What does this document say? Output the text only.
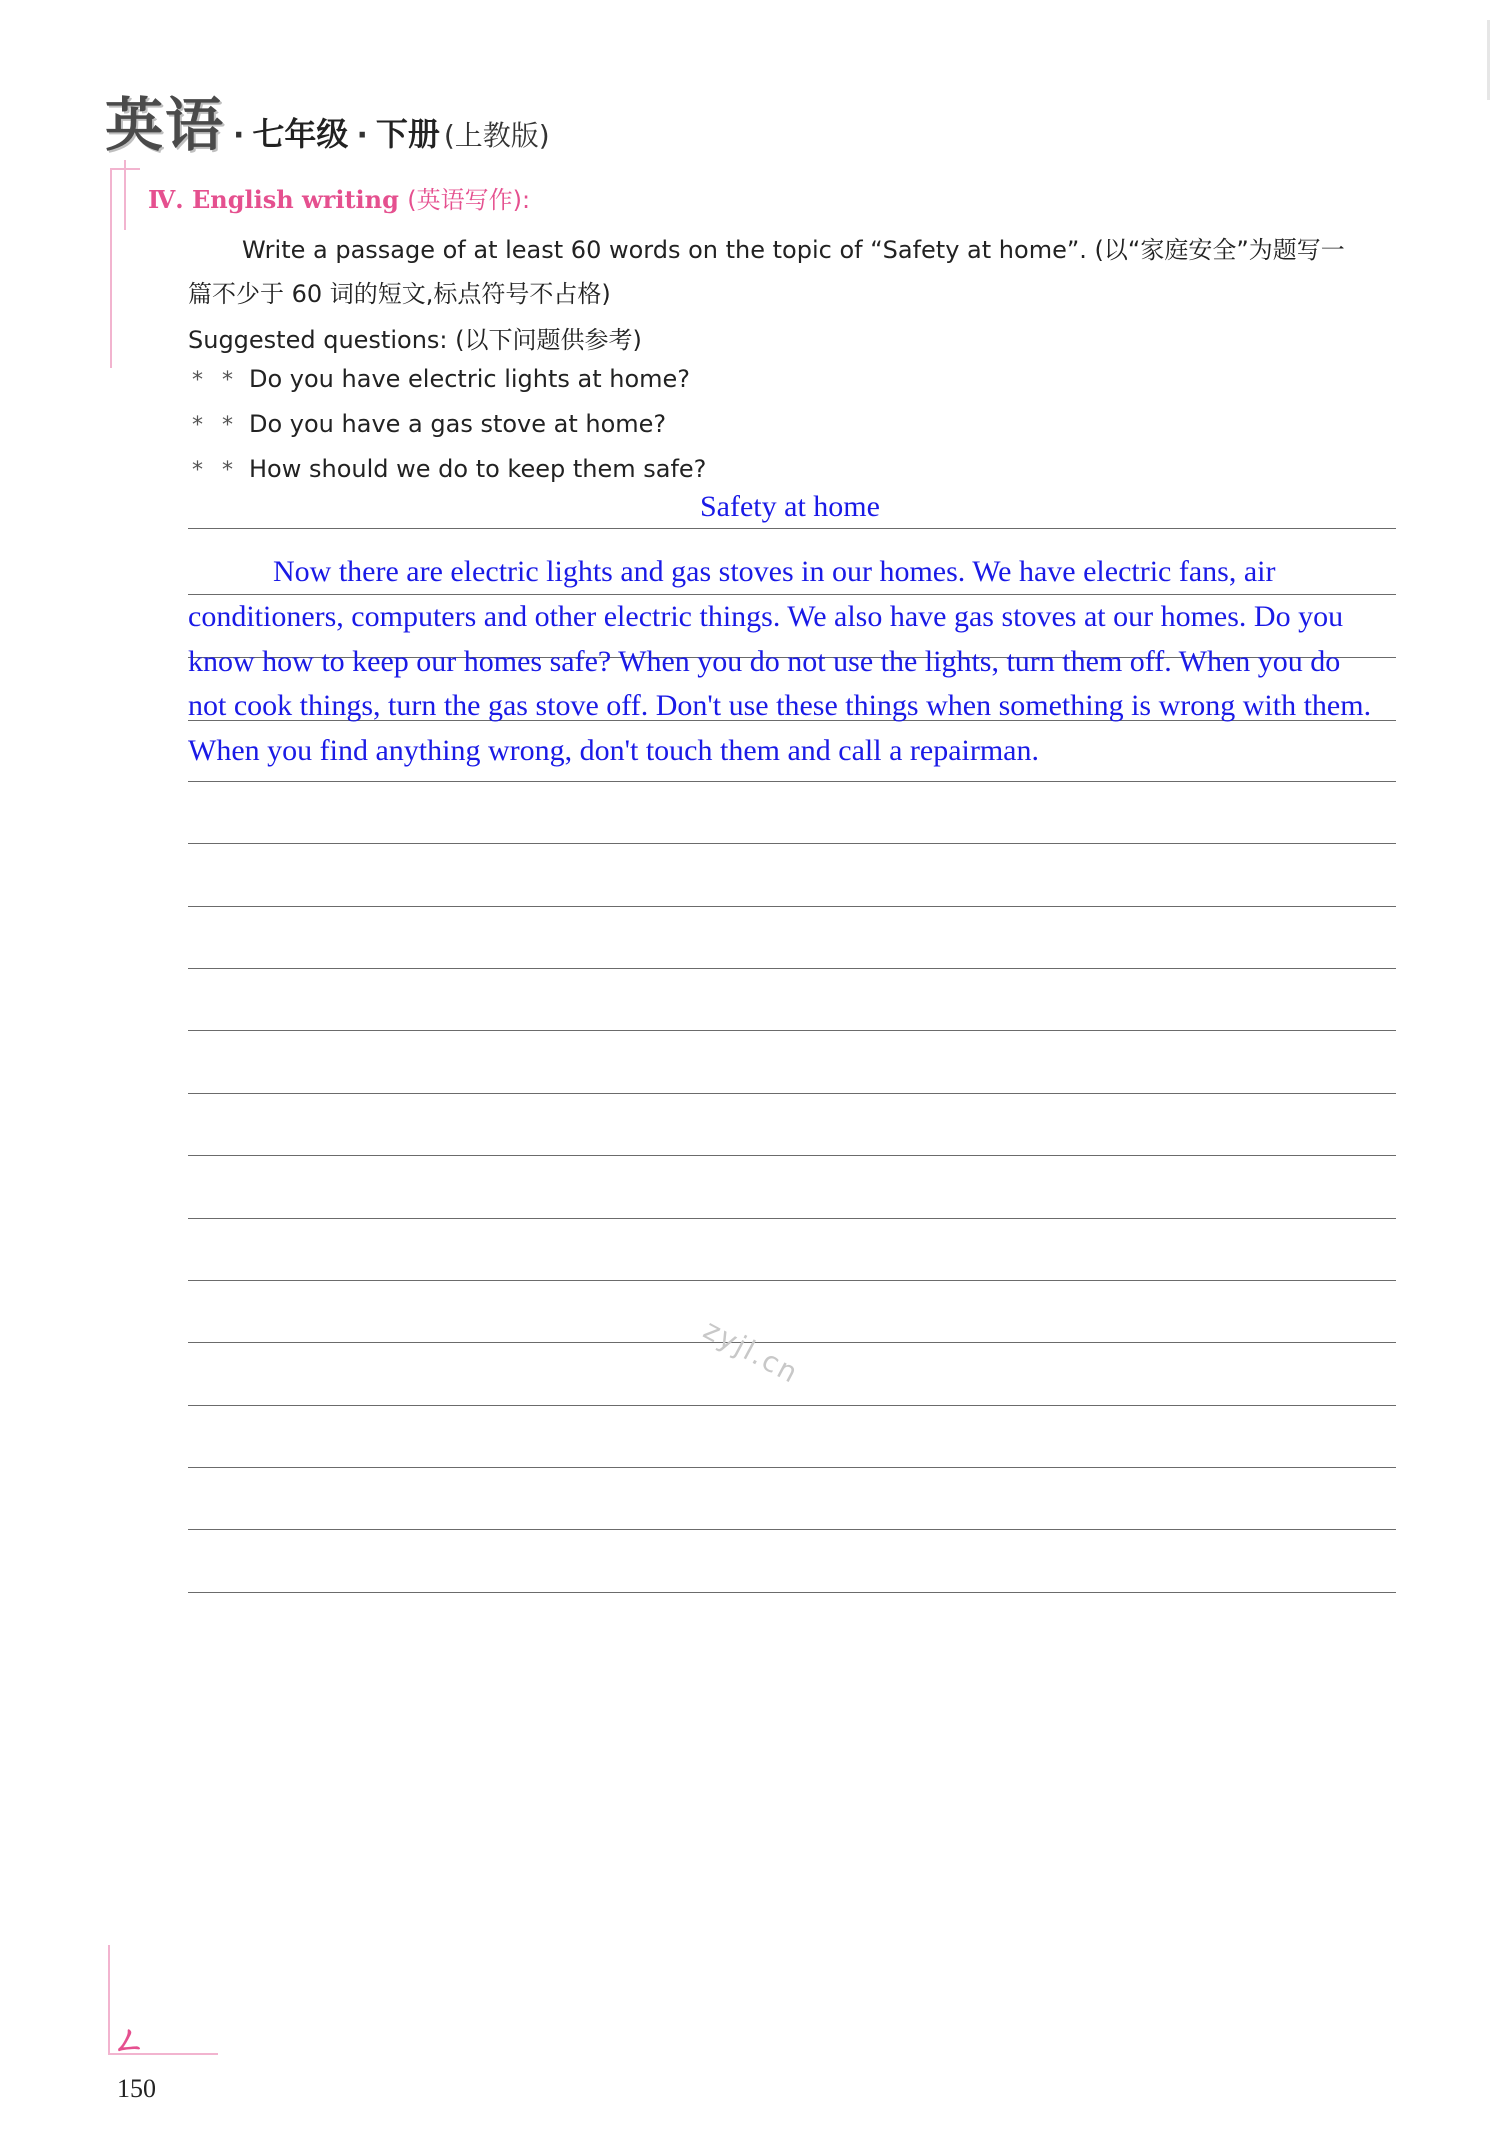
英语 · 七年级 · 下册 (上教版)
Ⅳ. English writing (英语写作):
Write a passage of at least 60 words on the topic of “Safety at home”. (以“家庭安全”为题写一
篇不少于 60 词的短文,标点符号不占格)
Suggested questions: (以下问题供参考)
* * Do you have electric lights at home?
* * Do you have a gas stove at home?
* * How should we do to keep them safe?
Safety at home
Now there are electric lights and gas stoves in our homes. We have electric fans, air
conditioners, computers and other electric things. We also have gas stoves at our homes. Do you
know how to keep our homes safe? When you do not use the lights, turn them off. When you do
not cook things, turn the gas stove off. Don't use these things when something is wrong with them.
When you find anything wrong, don't touch them and call a repairman.
zyjl.cn
ㄥ
150
